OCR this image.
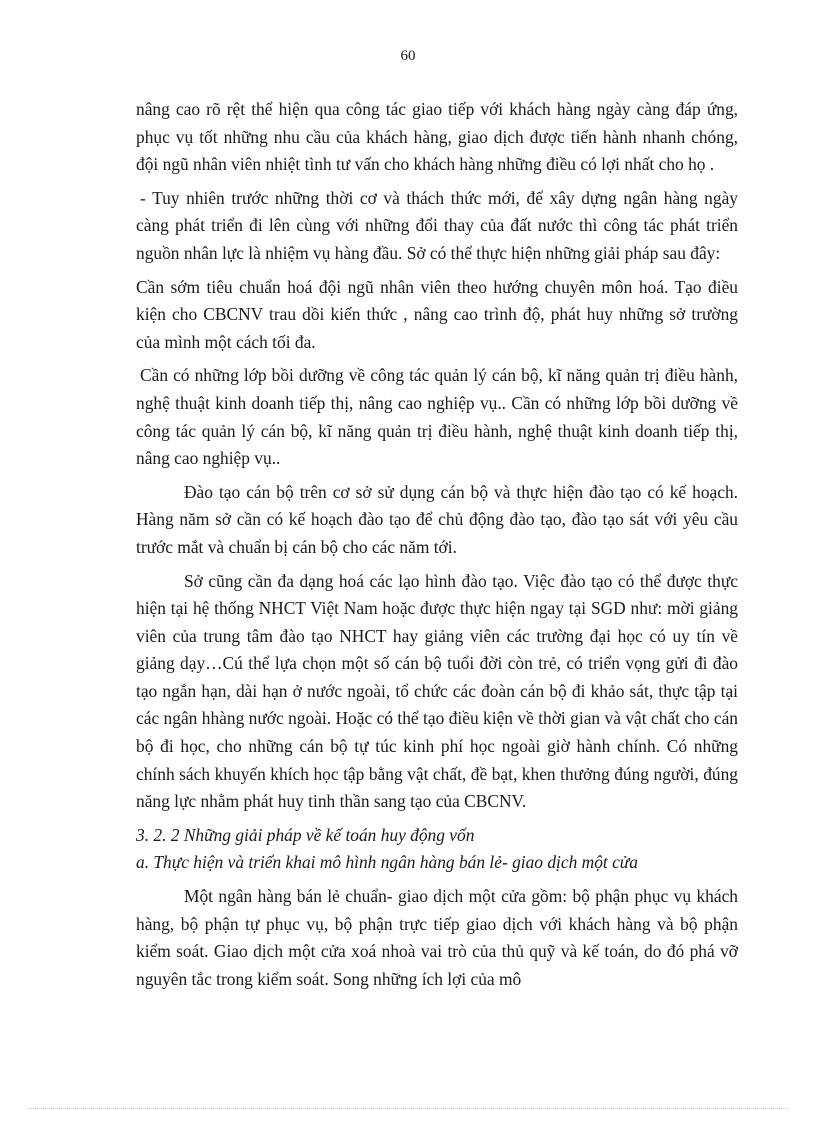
60

nâng cao rõ rệt thể hiện qua công tác giao tiếp với khách hàng ngày càng đáp ứng, phục vụ tốt những nhu cầu của khách hàng, giao dịch được tiến hành nhanh chóng, đội ngũ nhân viên nhiệt tình tư vấn cho khách hàng những điều có lợi nhất cho họ .

- Tuy nhiên trước những thời cơ và thách thức mới, để xây dựng ngân hàng ngày càng phát triển đi lên cùng với những đổi thay của đất nước thì công tác phát triển nguồn nhân lực là nhiệm vụ hàng đầu. Sở có thể thực hiện những giải pháp sau đây:

Cần sớm tiêu chuẩn hoá đội ngũ nhân viên theo hướng chuyên môn hoá. Tạo điều kiện cho CBCNV trau dồi kiến thức , nâng cao trình độ, phát huy những sở trường của mình một cách tối đa.

Cần có những lớp bồi dưỡng về công tác quản lý cán bộ, kĩ năng quản trị điều hành, nghệ thuật kinh doanh tiếp thị, nâng cao nghiệp vụ.. Cần có những lớp bồi dưỡng về công tác quản lý cán bộ, kĩ năng quản trị điều hành, nghệ thuật kinh doanh tiếp thị, nâng cao nghiệp vụ..

Đào tạo cán bộ trên cơ sở sử dụng cán bộ và thực hiện đào tạo có kế hoạch. Hàng năm sở cần có kế hoạch đào tạo để chủ động đào tạo, đào tạo sát với yêu cầu trước mắt và chuẩn bị cán bộ cho các năm tới.

Sở cũng cần đa dạng hoá các lạo hình đào tạo. Việc đào tạo có thể được thực hiện tại hệ thống NHCT Việt Nam hoặc được thực hiện ngay tại SGD như: mời giảng viên của trung tâm đào tạo NHCT hay giảng viên các trường đại học có uy tín về giảng dạy…Cú thể lựa chọn một số cán bộ tuổi đời còn trẻ, có triển vọng gửi đi đào tạo ngắn hạn, dài hạn ở nước ngoài, tổ chức các đoàn cán bộ đi khảo sát, thực tập tại các ngân hhàng nước ngoài. Hoặc có thể tạo điều kiện về thời gian và vật chất cho cán bộ đi học, cho những cán bộ tự túc kinh phí học ngoài giờ hành chính. Có những chính sách khuyến khích học tập bằng vật chất, đề bạt, khen thưởng đúng người, đúng năng lực nhằm phát huy tinh thần sang tạo của CBCNV.

3. 2. 2 Những giải pháp về kế toán huy động vốn

a. Thực hiện và triển khai mô hình ngân hàng bán lẻ- giao dịch một cửa

Một ngân hàng bán lẻ chuẩn- giao dịch một cửa gồm: bộ phận phục vụ khách hàng, bộ phận tự phục vụ, bộ phận trực tiếp giao dịch với khách hàng và bộ phận kiểm soát. Giao dịch một cửa xoá nhoà vai trò của thủ quỹ và kế toán, do đó phá vỡ nguyên tắc trong kiểm soát. Song những ích lợi của mô
